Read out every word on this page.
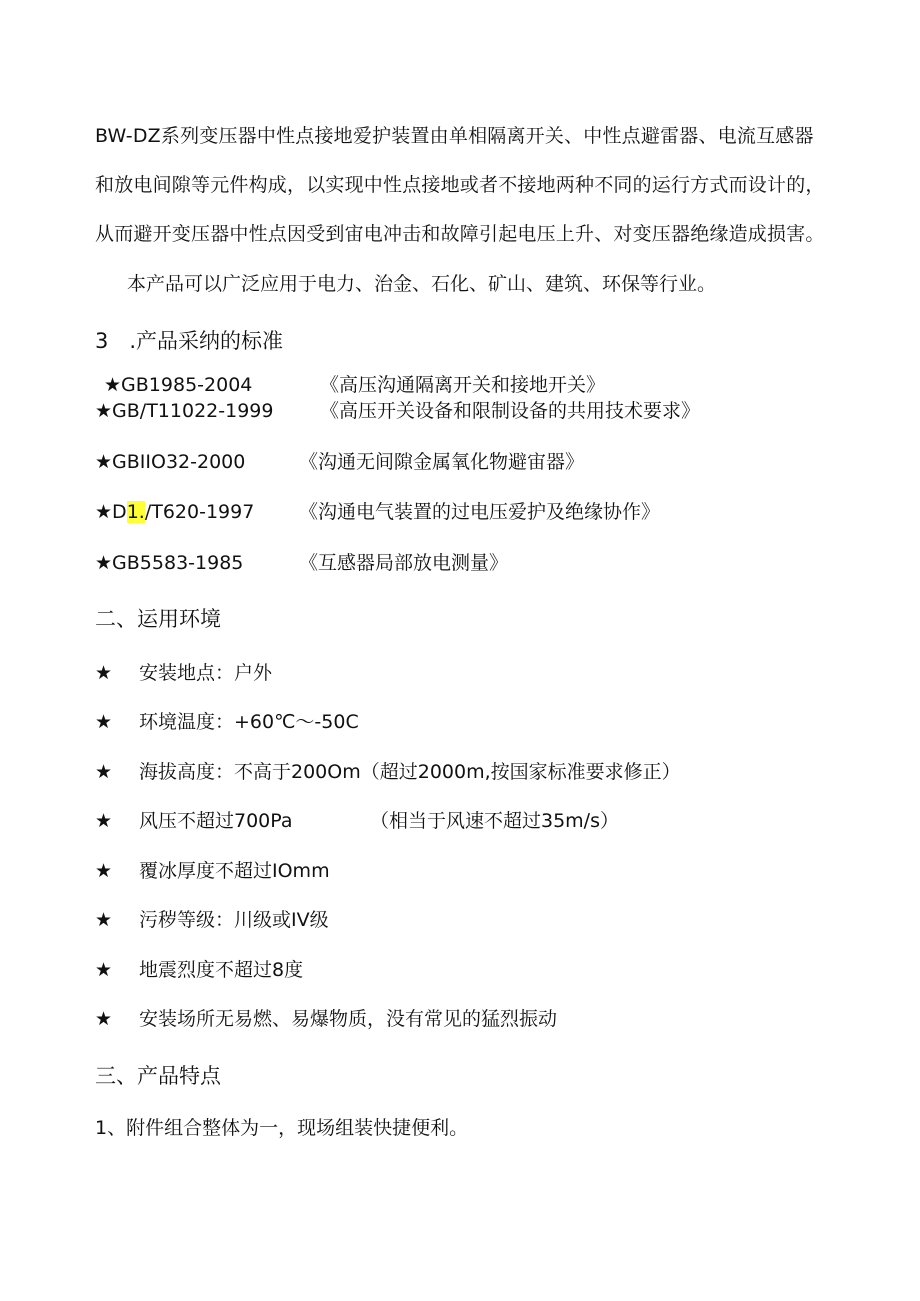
BW-DZ系列变压器中性点接地爱护装置由单相隔离开关、中性点避雷器、电流互感器
和放电间隙等元件构成，以实现中性点接地或者不接地两种不同的运行方式而设计的，
从而避开变压器中性点因受到宙电冲击和故障引起电压上升、对变压器绝缘造成损害。
本产品可以广泛应用于电力、治金、石化、矿山、建筑、环保等行业。
3　.产品采纳的标准
★GB1985-2004	《高压沟通隔离开关和接地开关》
★GB/T11022-1999 《高压开关设备和限制设备的共用技术要求》
★GBIIO32-2000	《沟通无间隙金属氧化物避宙器》
★D1./T620-1997 《沟通电气装置的过电压爱护及绝缘协作》
★GB5583-1985	《互感器局部放电测量》
二、运用环境
★ 安装地点：户外
★ 环境温度：+60℃～-50C
★ 海拔高度：不高于200Om（超过2000m,按国家标准要求修正）
★ 风压不超过700Pa	（相当于风速不超过35m∕s）
★ 覆冰厚度不超过IOmm
★ 污秽等级：川级或IV级
★ 地震烈度不超过8度
★ 安装场所无易燃、易爆物质，没有常见的猛烈振动
三、产品特点
1、附件组合整体为一，现场组装快捷便利。
